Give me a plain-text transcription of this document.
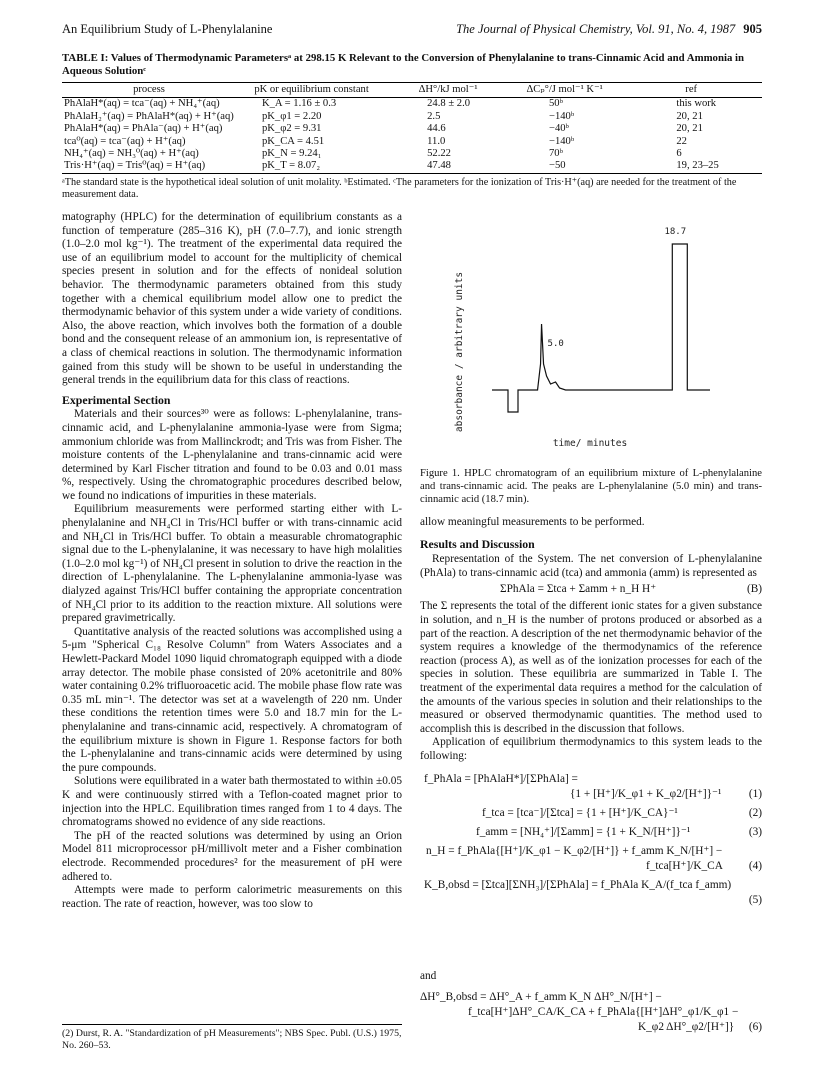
An Equilibrium Study of L-Phenylalanine	The Journal of Physical Chemistry, Vol. 91, No. 4, 1987 905
TABLE I: Values of Thermodynamic Parametersᵃ at 298.15 K Relevant to the Conversion of Phenylalanine to trans-Cinnamic Acid and Ammonia in Aqueous Solutionᶜ
process	pK or equilibrium constant	ΔH°/kJ mol⁻¹	ΔCₚ°/J mol⁻¹ K⁻¹	ref
PhAlaH*(aq) = tca⁻(aq) + NH₄⁺(aq)	K_A = 1.16 ± 0.3	24.8 ± 2.0	50ᵇ	this work
PhAlaH₂⁺(aq) = PhAlaH*(aq) + H⁺(aq)	pK_φ1 = 2.20	2.5	−140ᵇ	20, 21
PhAlaH*(aq) = PhAla⁻(aq) + H⁺(aq)	pK_φ2 = 9.31	44.6	−40ᵇ	20, 21
tca⁰(aq) = tca⁻(aq) + H⁺(aq)	pK_CA = 4.51	11.0	−140ᵇ	22
NH₄⁺(aq) = NH₃⁰(aq) + H⁺(aq)	pK_N = 9.24₁	52.22	70ᵇ	6
Tris·H⁺(aq) = Tris⁰(aq) = H⁺(aq)	pK_T = 8.07₂	47.48	−50	19, 23–25
ᵃThe standard state is the hypothetical ideal solution of unit molality. ᵇEstimated. ᶜThe parameters for the ionization of Tris·H⁺(aq) are needed for the treatment of the measurement data.

matography (HPLC) for the determination of equilibrium constants as a function of temperature (285–316 K), pH (7.0–7.7), and ionic strength (1.0–2.0 mol kg⁻¹). The treatment of the experimental data required the use of an equilibrium model to account for the multiplicity of chemical species present in solution and for the effects of nonideal solution behavior. The thermodynamic parameters obtained from this study together with a chemical equilibrium model allow one to predict the thermodynamic behavior of this system under a wide variety of conditions. Also, the above reaction, which involves both the formation of a double bond and the consequent release of an ammonium ion, is representative of a class of chemical reactions in solution. The thermodynamic information gained from this study will be shown to be useful in understanding the general trends in the equilibrium data for this class of reactions.

Experimental Section

Materials and their sources³⁰ were as follows: L-phenylalanine, trans-cinnamic acid, and L-phenylalanine ammonia-lyase were from Sigma; ammonium chloride was from Mallinckrodt; and Tris was from Fisher. The moisture contents of the L-phenylalanine and trans-cinnamic acid were determined by Karl Fischer titration and found to be 0.03 and 0.01 mass %, respectively. Using the chromatographic procedures described below, we found no indications of impurities in these materials.

Equilibrium measurements were performed starting either with L-phenylalanine and NH₄Cl in Tris/HCl buffer or with trans-cinnamic acid and NH₄Cl in Tris/HCl buffer. To obtain a measurable chromatographic signal due to the L-phenylalanine, it was necessary to have high molalities (1.0–2.0 mol kg⁻¹) of NH₄Cl present in solution to drive the reaction in the direction of L-phenylalanine. The L-phenylalanine ammonia-lyase was dialyzed against Tris/HCl buffer containing the appropriate concentration of NH₄Cl prior to its addition to the reaction mixture. All solutions were prepared gravimetrically.

Quantitative analysis of the reacted solutions was accomplished using a 5-μm "Spherical C₁₈ Resolve Column" from Waters Associates and a Hewlett-Packard Model 1090 liquid chromatograph equipped with a diode array detector. The mobile phase consisted of 20% acetonitrile and 80% water containing 0.2% trifluoroacetic acid. The mobile phase flow rate was 0.35 mL min⁻¹. The detector was set at a wavelength of 220 nm. Under these conditions the retention times were 5.0 and 18.7 min for the L-phenylalanine and trans-cinnamic acid, respectively. A chromatogram of the equilibrium mixture is shown in Figure 1. Response factors for both the L-phenylalanine and trans-cinnamic acids were determined by using the pure compounds.

Solutions were equilibrated in a water bath thermostated to within ±0.05 K and were continuously stirred with a Teflon-coated magnet prior to injection into the HPLC. Equilibration times ranged from 1 to 4 days. The chromatograms showed no evidence of any side reactions.

The pH of the reacted solutions was determined by using an Orion Model 811 microprocessor pH/millivolt meter and a Fisher combination electrode. Recommended procedures² for the measurement of pH were adhered to.

Attempts were made to perform calorimetric measurements on this reaction. The rate of reaction, however, was too slow to

(2) Durst, R. A. "Standardization of pH Measurements"; NBS Spec. Publ. (U.S.) 1975, No. 260–53.
absorbance / arbitrary units	5.0
18.7
time/ minutes
Figure 1. HPLC chromatogram of an equilibrium mixture of L-phenylalanine and trans-cinnamic acid. The peaks are L-phenylalanine (5.0 min) and trans-cinnamic acid (18.7 min).

allow meaningful measurements to be performed.

Results and Discussion

Representation of the System. The net conversion of L-phenylalanine (PhAla) to trans-cinnamic acid (tca) and ammonia (amm) is represented as

ΣPhAla = Σtca + Σamm + n_H H⁺	(B)

The Σ represents the total of the different ionic states for a given substance in solution, and n_H is the number of protons produced or absorbed as a part of the reaction. A description of the net thermodynamic behavior of the system requires a knowledge of the thermodynamics of the reference reaction (process A), as well as of the ionization processes for each of the species in solution. These equilibria are summarized in Table I. The treatment of the experimental data requires a method for the calculation of the amounts of the various species in solution and their relationships to the measured or observed thermodynamic quantities. The method used to accomplish this is described in the discussion that follows.

Application of equilibrium thermodynamics to this system leads to the following:

f_PhAla = [PhAlaH*]/[ΣPhAla] =
{1 + [H⁺]/K_φ1 + K_φ2/[H⁺]}⁻¹ (1)
f_tca = [tca⁻]/[Σtca] = {1 + [H⁺]/K_CA}⁻¹	(2)
f_amm = [NH₄⁺]/[Σamm] = {1 + K_N/[H⁺]}⁻¹	(3)
n_H = f_PhAla{[H⁺]/K_φ1 − K_φ2/[H⁺]} + f_amm K_N/[H⁺] −
f_tca[H⁺]/K_CA (4)
K_B,obsd = [Σtca][ΣNH₃]/[ΣPhAla] = f_PhAla K_A/(f_tca f_amm)
(5)
and
ΔH°_B,obsd = ΔH°_A + f_amm K_N ΔH°_N/[H⁺] −
f_tca[H⁺]ΔH°_CA/K_CA + f_PhAla{[H⁺]ΔH°_φ1/K_φ1 −
K_φ2 ΔH°_φ2/[H⁺]} (6)
